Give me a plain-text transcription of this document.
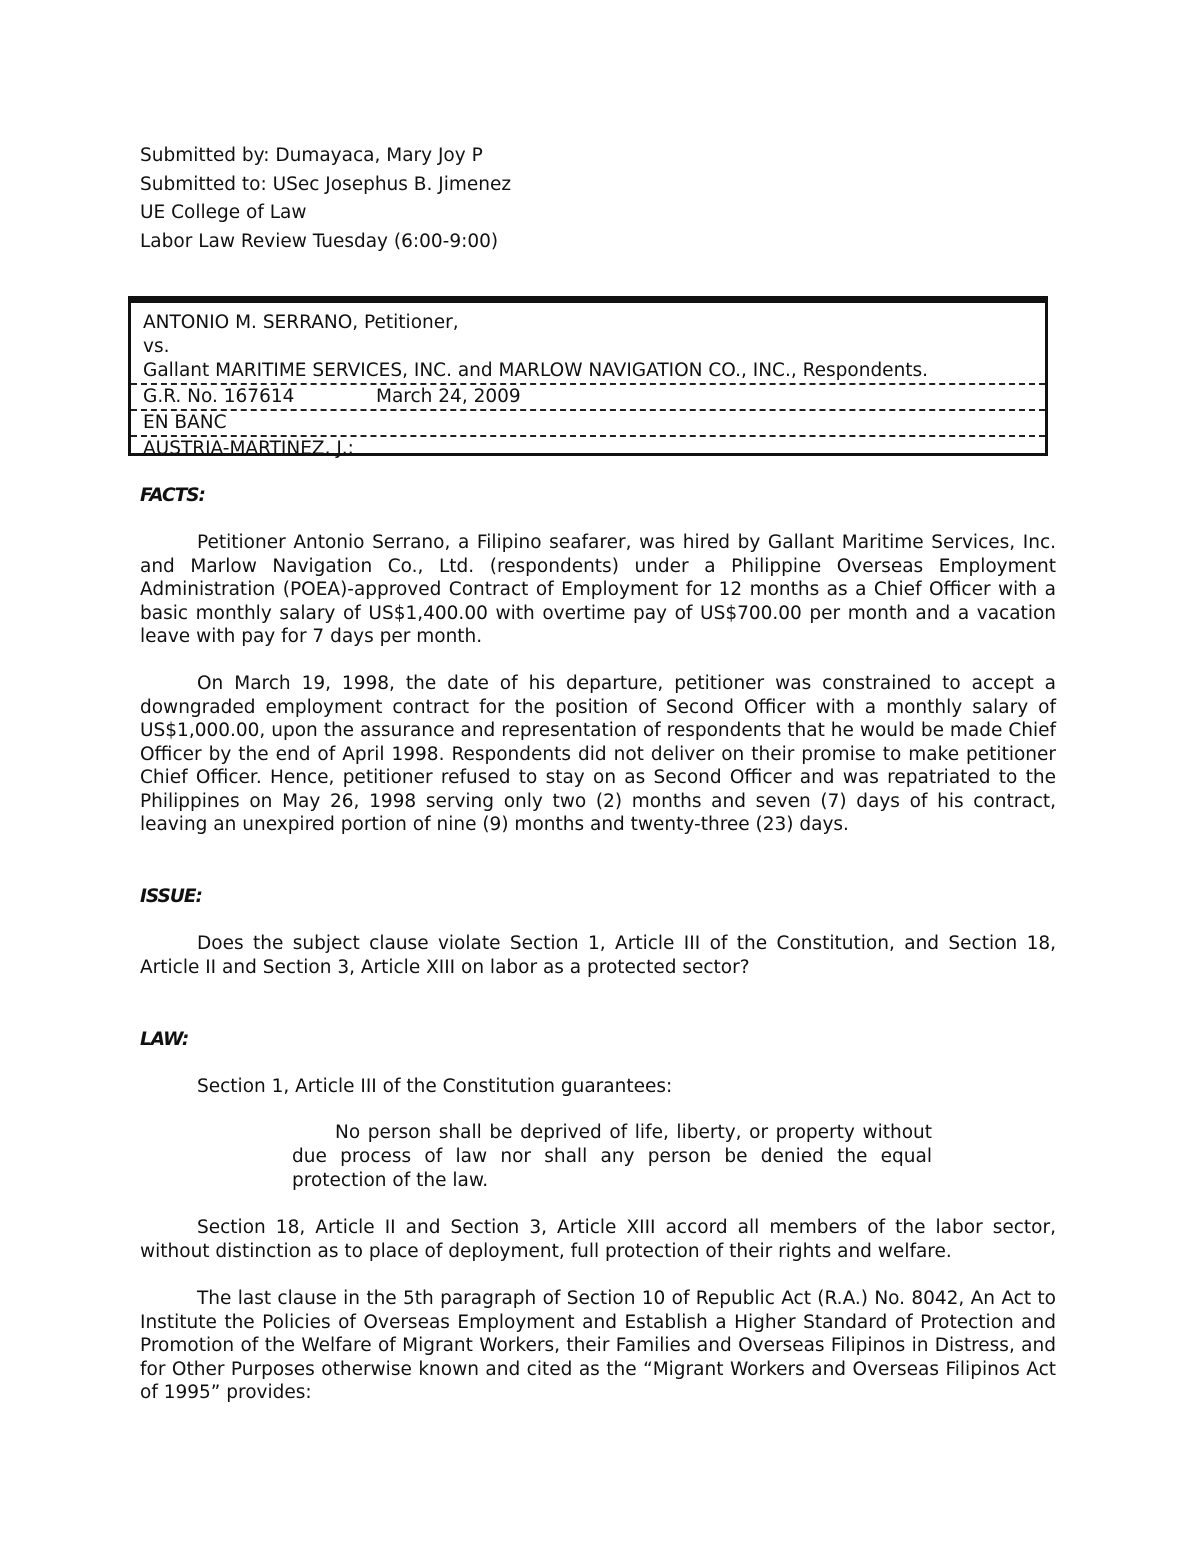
Submitted by: Dumayaca, Mary Joy P
Submitted to: USec Josephus B. Jimenez
UE College of Law
Labor Law Review Tuesday (6:00-9:00)
ANTONIO M. SERRANO, Petitioner,
vs.
Gallant MARITIME SERVICES, INC. and MARLOW NAVIGATION CO., INC., Respondents.
G.R. No. 167614	March 24, 2009
EN BANC
AUSTRIA-MARTINEZ, J.:
FACTS:

Petitioner Antonio Serrano, a Filipino seafarer, was hired by Gallant Maritime Services, Inc. and Marlow Navigation Co., Ltd. (respondents) under a Philippine Overseas Employment Administration (POEA)-approved Contract of Employment for 12 months as a Chief Officer with a basic monthly salary of US$1,400.00 with overtime pay of US$700.00 per month and a vacation leave with pay for 7 days per month.

On March 19, 1998, the date of his departure, petitioner was constrained to accept a downgraded employment contract for the position of Second Officer with a monthly salary of US$1,000.00, upon the assurance and representation of respondents that he would be made Chief Officer by the end of April 1998. Respondents did not deliver on their promise to make petitioner Chief Officer. Hence, petitioner refused to stay on as Second Officer and was repatriated to the Philippines on May 26, 1998 serving only two (2) months and seven (7) days of his contract, leaving an unexpired portion of nine (9) months and twenty-three (23) days.

ISSUE:

Does the subject clause violate Section 1, Article III of the Constitution, and Section 18, Article II and Section 3, Article XIII on labor as a protected sector?

LAW:

Section 1, Article III of the Constitution guarantees:

No person shall be deprived of life, liberty, or property without due process of law nor shall any person be denied the equal protection of the law.

Section 18, Article II and Section 3, Article XIII accord all members of the labor sector, without distinction as to place of deployment, full protection of their rights and welfare.

The last clause in the 5th paragraph of Section 10 of Republic Act (R.A.) No. 8042, An Act to Institute the Policies of Overseas Employment and Establish a Higher Standard of Protection and Promotion of the Welfare of Migrant Workers, their Families and Overseas Filipinos in Distress, and for Other Purposes otherwise known and cited as the “Migrant Workers and Overseas Filipinos Act of 1995” provides:
